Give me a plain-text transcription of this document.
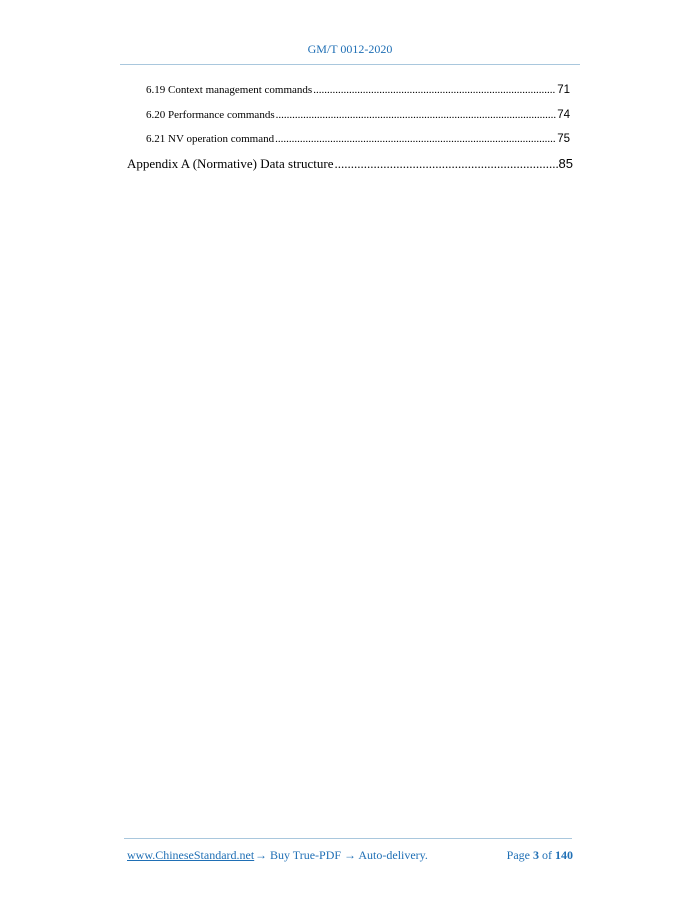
GM/T 0012-2020
6.19 Context management commands .....	71
6.20 Performance commands .....	74
6.21 NV operation command .....	75
Appendix A (Normative) Data structure .....	85
www.ChineseStandard.net → Buy True-PDF → Auto-delivery.	Page 3 of 140
